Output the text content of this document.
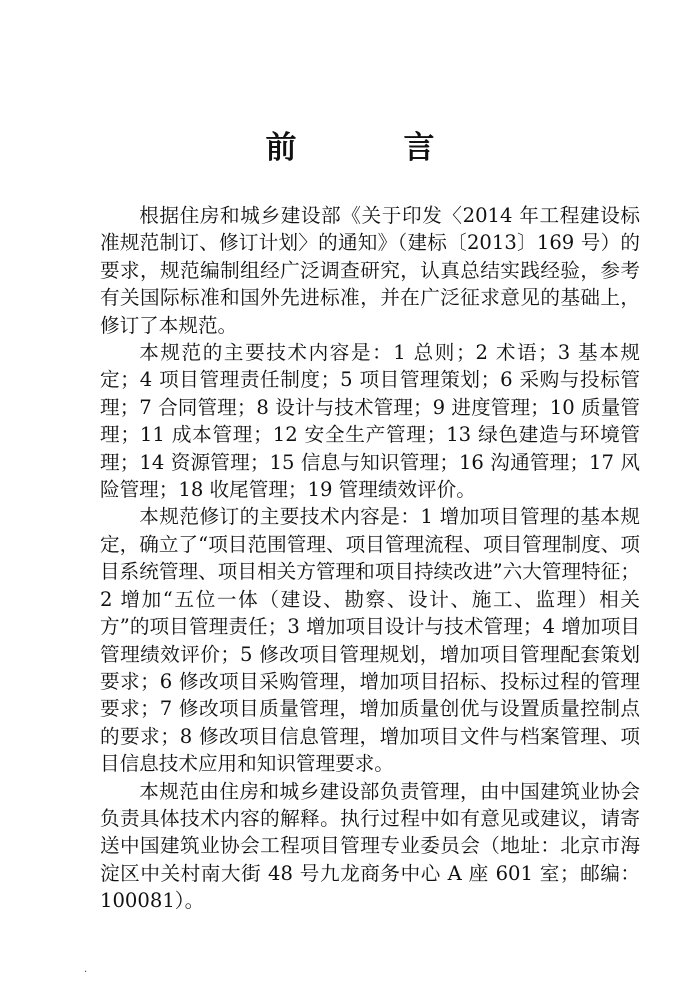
前　言

根据住房和城乡建设部《关于印发〈2014 年工程建设标准规范制订、修订计划〉的通知》（建标〔2013〕169 号）的要求，规范编制组经广泛调查研究，认真总结实践经验，参考有关国际标准和国外先进标准，并在广泛征求意见的基础上，修订了本规范。

本规范的主要技术内容是：1 总则；2 术语；3 基本规定；4 项目管理责任制度；5 项目管理策划；6 采购与投标管理；7 合同管理；8 设计与技术管理；9 进度管理；10 质量管理；11 成本管理；12 安全生产管理；13 绿色建造与环境管理；14 资源管理；15 信息与知识管理；16 沟通管理；17 风险管理；18 收尾管理；19 管理绩效评价。

本规范修订的主要技术内容是：1 增加项目管理的基本规定，确立了“项目范围管理、项目管理流程、项目管理制度、项目系统管理、项目相关方管理和项目持续改进”六大管理特征；2 增加“五位一体（建设、勘察、设计、施工、监理）相关方”的项目管理责任；3 增加项目设计与技术管理；4 增加项目管理绩效评价；5 修改项目管理规划，增加项目管理配套策划要求；6 修改项目采购管理，增加项目招标、投标过程的管理要求；7 修改项目质量管理，增加质量创优与设置质量控制点的要求；8 修改项目信息管理，增加项目文件与档案管理、项目信息技术应用和知识管理要求。

本规范由住房和城乡建设部负责管理，由中国建筑业协会负责具体技术内容的解释。执行过程中如有意见或建议，请寄送中国建筑业协会工程项目管理专业委员会（地址：北京市海淀区中关村南大街 48 号九龙商务中心 A 座 601 室；邮编：100081）。

·
